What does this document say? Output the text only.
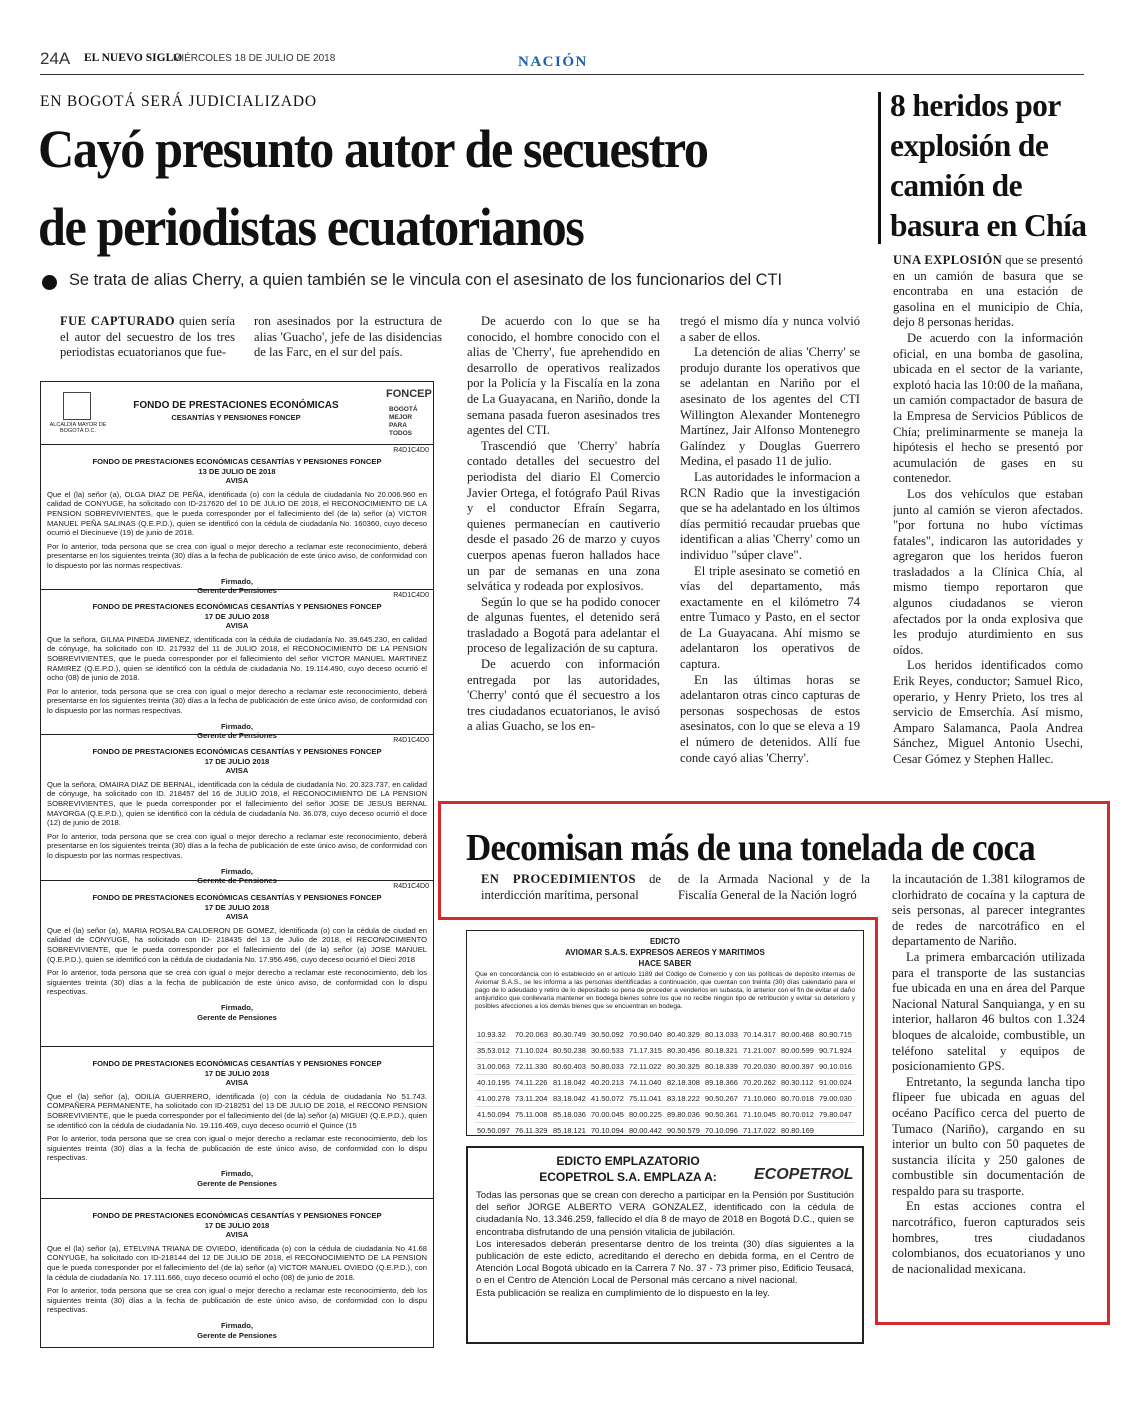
24A EL NUEVO SIGLO
MIÉRCOLES 18 DE JULIO DE 2018	NACIÓN
EN BOGOTÁ SERÁ JUDICIALIZADO
Cayó presunto autor de secuestro
de periodistas ecuatorianos
Se trata de alias Cherry, a quien también se le vincula con el asesinato de los funcionarios del CTI

FUE CAPTURADO quien sería el autor del secuestro de los tres periodistas ecuatorianos que fue-

ron asesinados por la estructura de alias 'Guacho', jefe de las disidencias de las Farc, en el sur del país.

De acuerdo con lo que se ha conocido, el hombre conocido con el alias de 'Cherry', fue aprehendido en desarrollo de operativos realizados por la Policía y la Fiscalía en la zona de La Guayacana, en Nariño, donde la semana pasada fueron asesinados tres agentes del CTI.

Trascendió que 'Cherry' habría contado detalles del secuestro del periodista del diario El Comercio Javier Ortega, el fotógrafo Paúl Rivas y el conductor Efraín Segarra, quienes permanecían en cautiverio desde el pasado 26 de marzo y cuyos cuerpos apenas fueron hallados hace un par de semanas en una zona selvática y rodeada por explosivos.

Según lo que se ha podido conocer de algunas fuentes, el detenido será trasladado a Bogotá para adelantar el proceso de legalización de su captura.

De acuerdo con información entregada por las autoridades, 'Cherry' contó que él secuestro a los tres ciudadanos ecuatorianos, le avisó a alias Guacho, se los en-

tregó el mismo día y nunca volvió a saber de ellos.

La detención de alias 'Cherry' se produjo durante los operativos que se adelantan en Nariño por el asesinato de los agentes del CTI Willington Alexander Montenegro Martínez, Jair Alfonso Montenegro Galíndez y Douglas Guerrero Medina, el pasado 11 de julio.

Las autoridades le informacion a RCN Radio que la investigación que se ha adelantado en los últimos días permitió recaudar pruebas que identifican a alias 'Cherry' como un individuo "súper clave".

El triple asesinato se cometió en vías del departamento, más exactamente en el kilómetro 74 entre Tumaco y Pasto, en el sector de La Guayacana. Ahí mismo se adelantaron los operativos de captura.

En las últimas horas se adelantaron otras cinco capturas de personas sospechosas de estos asesinatos, con lo que se eleva a 19 el número de detenidos. Allí fue conde cayó alias 'Cherry'.

8 heridos por explosión de camión de basura en Chía

UNA EXPLOSIÓN que se presentó en un camión de basura que se encontraba en una estación de gasolina en el municipio de Chía, dejo 8 personas heridas.

De acuerdo con la información oficial, en una bomba de gasolina, ubicada en el sector de la variante, explotó hacia las 10:00 de la mañana, un camión compactador de basura de la Empresa de Servicios Públicos de Chía; preliminarmente se maneja la hipótesis el hecho se presentó por acumulación de gases en su contenedor.

Los dos vehículos que estaban junto al camión se vieron afectados. "por fortuna no hubo víctimas fatales", indicaron las autoridades y agregaron que los heridos fueron trasladados a la Clínica Chía, al mismo tiempo reportaron que algunos ciudadanos se vieron afectados por la onda explosiva que les produjo aturdimiento en sus oídos.

Los heridos identificados como Erik Reyes, conductor; Samuel Rico, operario, y Henry Prieto, los tres al servicio de Emserchía. Así mismo, Amparo Salamanca, Paola Andrea Sánchez, Miguel Antonio Usechi, Cesar Gómez y Stephen Hallec.

ALCALDÍA MAYOR DE BOGOTÁ D.C.
FONDO DE PRESTACIONES ECONÓMICAS
CESANTÍAS Y PENSIONES FONCEP
FONCEP
BOGOTÁ MEJOR PARA TODOS
R4D1C4D0
FONDO DE PRESTACIONES ECONÓMICAS CESANTÍAS Y PENSIONES FONCEP
13 DE JULIO DE 2018
AVISA
Que el (la) señor (a), OLGA DIAZ DE PEÑA, identificada (o) con la cédula de ciudadanía No 20.006.960 en calidad de CONYUGE, ha solicitado con ID-217620 del 10 DE JULIO DE 2018, el RECONOCIMIENTO DE LA PENSION SOBREVIVIENTES, que le pueda corresponder por el fallecimiento del (de la) señor (a) VICTOR MANUEL PEÑA SALINAS (Q.E.P.D.), quien se identificó con la cédula de ciudadanía No. 160360, cuyo deceso ocurrió el Diecinueve (19) de junio de 2018.
Por lo anterior, toda persona que se crea con igual o mejor derecho a reclamar este reconocimiento, deberá presentarse en los siguientes treinta (30) días a la fecha de publicación de este único aviso, de conformidad con lo dispuesto por las normas respectivas.
Firmado,
Gerente de Pensiones
R4D1C4D0
FONDO DE PRESTACIONES ECONÓMICAS CESANTÍAS Y PENSIONES FONCEP
17 DE JULIO 2018
AVISA
Que la señora, GILMA PINEDA JIMENEZ, identificada con la cédula de ciudadanía No. 39.645.230, en calidad de cónyuge, ha solicitado con ID. 217932 del 11 de JULIO 2018, el RECONOCIMIENTO DE LA PENSION SOBREVIVIENTES, que le pueda corresponder por el fallecimiento del señor VICTOR MANUEL MARTINEZ RAMIREZ (Q.E.P.D.), quien se identificó con la cédula de ciudadanía No. 19.114.490, cuyo deceso ocurrió el ocho (08) de junio de 2018.
Por lo anterior, toda persona que se crea con igual o mejor derecho a reclamar este reconocimiento, deberá presentarse en los siguientes treinta (30) días a la fecha de publicación de este único aviso, de conformidad con lo dispuesto por las normas respectivas.
Firmado,
Gerente de Pensiones
R4D1C4D0
FONDO DE PRESTACIONES ECONÓMICAS CESANTÍAS Y PENSIONES FONCEP
17 DE JULIO 2018
AVISA
Que la señora, OMAIRA DIAZ DE BERNAL, identificada con la cédula de ciudadanía No. 20.323.737, en calidad de cónyuge, ha solicitado con ID. 218457 del 16 de JULIO 2018, el RECONOCIMIENTO DE LA PENSION SOBREVIVIENTES, que le pueda corresponder por el fallecimiento del señor JOSE DE JESUS BERNAL MAYORGA (Q.E.P.D.), quien se identificó con la cédula de ciudadanía No. 36.078, cuyo deceso ocurrió el doce (12) de junio de 2018.
Por lo anterior, toda persona que se crea con igual o mejor derecho a reclamar este reconocimiento, deberá presentarse en los siguientes treinta (30) días a la fecha de publicación de este único aviso, de conformidad con lo dispuesto por las normas respectivas.
Firmado,
Gerente de Pensiones
R4D1C4D0
FONDO DE PRESTACIONES ECONÓMICAS CESANTÍAS Y PENSIONES FONCEP
17 DE JULIO 2018
AVISA
Que el (la) señor (a), MARIA ROSALBA CALDERON DE GOMEZ, identificada (o) con la cédula de ciudad en calidad de CONYUGE, ha solicitado con ID- 218435 del 13 de Julio de 2018, el RECONOCIMIENTO SOBREVIVIENTE, que le pueda corresponder por el fallecimiento del (de la) señor (a) JOSE MANUEL (Q.E.P.D.), quien se identificó con la cédula de ciudadanía No. 17.956.496, cuyo deceso ocurrió el Dieci 2018
Por lo anterior, toda persona que se crea con igual o mejor derecho a reclamar este reconocimiento, deb los siguientes treinta (30) días a la fecha de publicación de este único aviso, de conformidad con lo dispu respectivas.
Firmado,
Gerente de Pensiones
FONDO DE PRESTACIONES ECONÓMICAS CESANTÍAS Y PENSIONES FONCEP
17 DE JULIO 2018
AVISA
Que el (la) señor (a), ODILIA GUERRERO, identificada (o) con la cédula de ciudadanía No 51.743. COMPAÑERA PERMANENTE, ha solicitado con ID-218251 del 13 DE JULIO DE 2018, el RECONO PENSION SOBREVIVIENTE, que le pueda corresponder por el fallecimiento del (de la) señor (a) MIGUEI (Q.E.P.D.), quien se identificó con la cédula de ciudadanía No. 19.116.469, cuyo deceso ocurrió el Quince (15
Por lo anterior, toda persona que se crea con igual o mejor derecho a reclamar este reconocimiento, deb los siguientes treinta (30) días a la fecha de publicación de este único aviso, de conformidad con lo dispu respectivas.
Firmado,
Gerente de Pensiones
FONDO DE PRESTACIONES ECONÓMICAS CESANTÍAS Y PENSIONES FONCEP
17 DE JULIO 2018
AVISA
Que el (la) señor (a), ETELVINA TRIANA DE OVIEDO, identificada (o) con la cédula de ciudadanía No 41.68 CONYUGE, ha solicitado con ID-218144 del 12 DE JULIO DE 2018, el RECONOCIMIENTO DE LA PENSION que le pueda corresponder por el fallecimiento del (de la) señor (a) VICTOR MANUEL OVIEDO (Q.E.P.D.), con la cédula de ciudadanía No. 17.111.666, cuyo deceso ocurrió el ocho (08) de junio de 2018.
Por lo anterior, toda persona que se crea con igual o mejor derecho a reclamar este reconocimiento, deb los siguientes treinta (30) días a la fecha de publicación de este único aviso, de conformidad con lo dispu respectivas.
Firmado,
Gerente de Pensiones
Decomisan más de una tonelada de coca

EN PROCEDIMIENTOS de interdicción marítima, personal

de la Armada Nacional y de la Fiscalía General de la Nación logró

la incautación de 1.381 kilogramos de clorhidrato de cocaína y la captura de seis personas, al parecer integrantes de redes de narcotráfico en el departamento de Nariño.

La primera embarcación utilizada para el transporte de las sustancias fue ubicada en una en área del Parque Nacional Natural Sanquianga, y en su interior, hallaron 46 bultos con 1.324 bloques de alcaloide, combustible, un teléfono satelital y equipos de posicionamiento GPS.

Entretanto, la segunda lancha tipo flipeer fue ubicada en aguas del océano Pacífico cerca del puerto de Tumaco (Nariño), cargando en su interior un bulto con 50 paquetes de sustancia ilícita y 250 galones de combustible sin documentación de respaldo para su trasporte.

En estas acciones contra el narcotráfico, fueron capturados seis hombres, tres ciudadanos colombianos, dos ecuatorianos y uno de nacionalidad mexicana.

EDICTO
AVIOMAR S.A.S. EXPRESOS AEREOS Y MARITIMOS
HACE SABER
Que en concordancia con lo establecido en el artículo 1189 del Código de Comercio y con las políticas de depósito internas de Aviomar S.A.S., se les informa a las personas identificadas a continuación, que cuentan con treinta (30) días calendario para el pago de lo adeudado y retiro de lo depositado so pena de proceder a venderlos en subasta, lo anterior con el fin de evitar el daño antijurídico que conllevaría mantener en bodega bienes sobre los que no recibe ningún tipo de retribución y evitar su deterioro y posibles afecciones a los demás bienes que se encuentran en bodega.
10.93.32	70.20.063	80.30.749	30.50.092	70.90.040	80.40.329	80.13.033	70.14.317	80.00.468	80.90.715
35.53.012	71.10.024	80.50.238	30.60.533	71.17.315	80.30.456	80.18.321	71.21.007	80.00.599	90.71.924
31.00.063	72.11.330	80.60.403	50.80.033	72.11.022	80.30.325	80.18.339	70.20.030	80.00.397	90.10.016
40.10.195	74.11.226	81.18.042	40.20.213	74.11.040	82.18.308	89.18.366	70.20.262	80.30.112	91.00.024
41.00.278	73.11.204	83.18.042	41.50.072	75.11.041	83.18.222	90.50.267	71.10.060	80.70.018	79.00.030
41.50.094	75.11.008	85.18.036	70.00.045	80.00.225	89.80.036	90.50.361	71.10.045	80.70.012	79.80.047
50.50.097	76.11.329	85.18.121	70.10.094	80.00.442	90.50.579	70.10.096	71.17.022	80.80.169	
EDICTO EMPLAZATORIO
ECOPETROL S.A. EMPLAZA A:	ECOPETROL

Todas las personas que se crean con derecho a participar en la Pensión por Sustitución del señor JORGE ALBERTO VERA GONZALEZ, identificado con la cédula de ciudadanía No. 13.346.259, fallecido el día 8 de mayo de 2018 en Bogotá D.C., quien se encontraba disfrutando de una pensión vitalicia de jubilación.

Los interesados deberán presentarse dentro de los treinta (30) días siguientes a la publicación de este edicto, acreditando el derecho en debida forma, en el Centro de Atención Local Bogotá ubicado en la Carrera 7 No. 37 - 73 primer piso, Edificio Teusacá, o en el Centro de Atención Local de Personal más cercano a nivel nacional.

Esta publicación se realiza en cumplimiento de lo dispuesto en la ley.
